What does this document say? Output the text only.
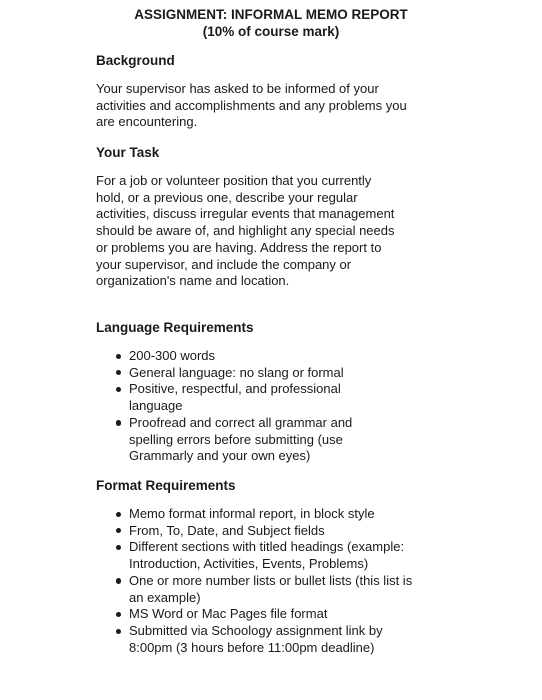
ASSIGNMENT: INFORMAL MEMO REPORT
(10% of course mark)
Background
Your supervisor has asked to be informed of your activities and accomplishments and any problems you are encountering.
Your Task
For a job or volunteer position that you currently hold, or a previous one, describe your regular activities, discuss irregular events that management should be aware of, and highlight any special needs or problems you are having. Address the report to your supervisor, and include the company or organization's name and location.
Language Requirements
200-300 words
General language: no slang or formal
Positive, respectful, and professional language
Proofread and correct all grammar and spelling errors before submitting (use Grammarly and your own eyes)
Format Requirements
Memo format informal report, in block style
From, To, Date, and Subject fields
Different sections with titled headings (example: Introduction, Activities, Events, Problems)
One or more number lists or bullet lists (this list is an example)
MS Word or Mac Pages file format
Submitted via Schoology assignment link by 8:00pm (3 hours before 11:00pm deadline)
